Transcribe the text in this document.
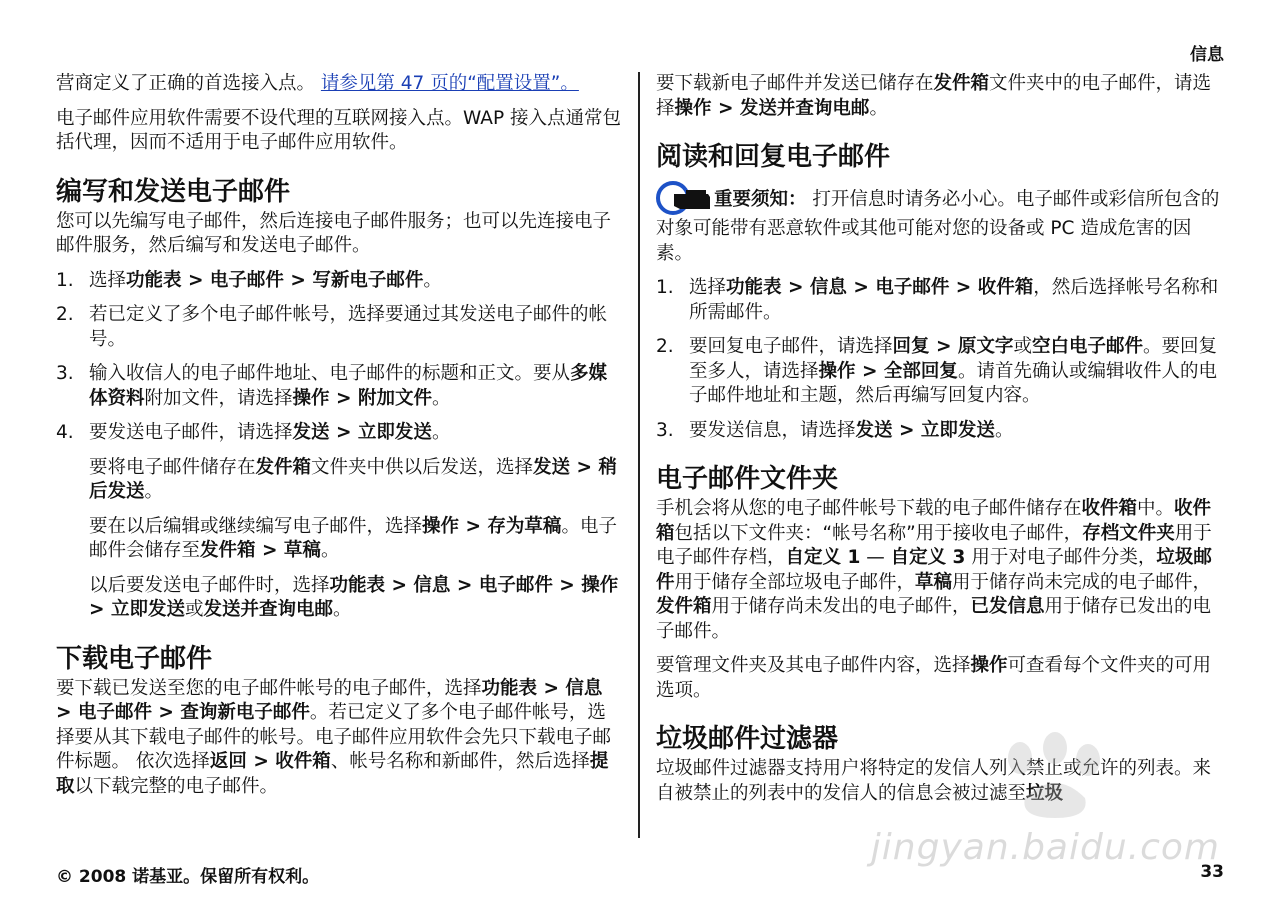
信息

营商定义了正确的首选接入点。 请参见第 47 页的“配置设置”。

电子邮件应用软件需要不设代理的互联网接入点。WAP 接入点通常包括代理，因而不适用于电子邮件应用软件。

编写和发送电子邮件

您可以先编写电子邮件，然后连接电子邮件服务；也可以先连接电子邮件服务，然后编写和发送电子邮件。

1. 选择功能表 > 电子邮件 > 写新电子邮件。
2. 若已定义了多个电子邮件帐号，选择要通过其发送电子邮件的帐号。
3. 输入收信人的电子邮件地址、电子邮件的标题和正文。要从多媒体资料附加文件，请选择操作 > 附加文件。
4. 要发送电子邮件，请选择发送 > 立即发送。
要将电子邮件储存在发件箱文件夹中供以后发送，选择发送 > 稍后发送。
要在以后编辑或继续编写电子邮件，选择操作 > 存为草稿。电子邮件会储存至发件箱 > 草稿。
以后要发送电子邮件时，选择功能表 > 信息 > 电子邮件 > 操作 > 立即发送或发送并查询电邮。
下载电子邮件

要下载已发送至您的电子邮件帐号的电子邮件，选择功能表 > 信息 > 电子邮件 > 查询新电子邮件。若已定义了多个电子邮件帐号，选择要从其下载电子邮件的帐号。电子邮件应用软件会先只下载电子邮件标题。 依次选择返回 > 收件箱、帐号名称和新邮件，然后选择提取以下载完整的电子邮件。

要下载新电子邮件并发送已储存在发件箱文件夹中的电子邮件，请选择操作 > 发送并查询电邮。

阅读和回复电子邮件
重要须知： 打开信息时请务必小心。电子邮件或彩信所包含的对象可能带有恶意软件或其他可能对您的设备或 PC 造成危害的因素。
1. 选择功能表 > 信息 > 电子邮件 > 收件箱，然后选择帐号名称和所需邮件。
2. 要回复电子邮件，请选择回复 > 原文字或空白电子邮件。要回复至多人，请选择操作 > 全部回复。请首先确认或编辑收件人的电子邮件地址和主题，然后再编写回复内容。
3. 要发送信息，请选择发送 > 立即发送。
电子邮件文件夹

手机会将从您的电子邮件帐号下载的电子邮件储存在收件箱中。收件箱包括以下文件夹：“帐号名称”用于接收电子邮件，存档文件夹用于电子邮件存档，自定义 1 — 自定义 3 用于对电子邮件分类，垃圾邮件用于储存全部垃圾电子邮件，草稿用于储存尚未完成的电子邮件，发件箱用于储存尚未发出的电子邮件，已发信息用于储存已发出的电子邮件。

要管理文件夹及其电子邮件内容，选择操作可查看每个文件夹的可用选项。

垃圾邮件过滤器

垃圾邮件过滤器支持用户将特定的发信人列入禁止或允许的列表。来自被禁止的列表中的发信人的信息会被过滤至垃圾

jingyan.baidu.com
© 2008 诺基亚。保留所有权利。	33
